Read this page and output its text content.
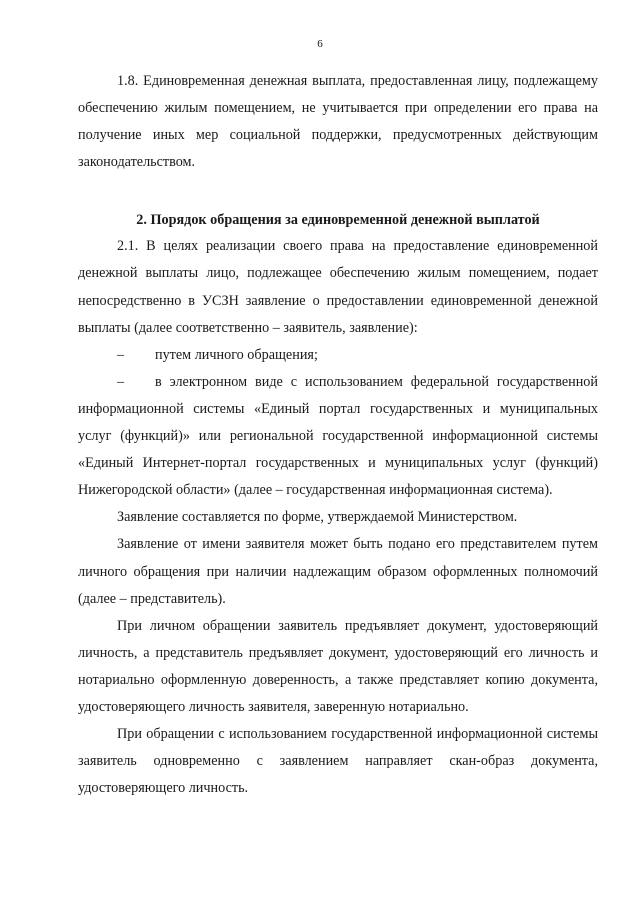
6

1.8. Единовременная денежная выплата, предоставленная лицу, подлежащему обеспечению жилым помещением, не учитывается при определении его права на получение иных мер социальной поддержки, предусмотренных действующим законодательством.

2. Порядок обращения за единовременной денежной выплатой

2.1. В целях реализации своего права на предоставление единовременной денежной выплаты лицо, подлежащее обеспечению жилым помещением, подает непосредственно в УСЗН заявление о предоставлении единовременной денежной выплаты (далее соответственно – заявитель, заявление):

– путем личного обращения;

– в электронном виде с использованием федеральной государственной информационной системы «Единый портал государственных и муниципальных услуг (функций)» или региональной государственной информационной системы «Единый Интернет-портал государственных и муниципальных услуг (функций) Нижегородской области» (далее – государственная информационная система).

Заявление составляется по форме, утверждаемой Министерством.

Заявление от имени заявителя может быть подано его представителем путем личного обращения при наличии надлежащим образом оформленных полномочий (далее – представитель).

При личном обращении заявитель предъявляет документ, удостоверяющий личность, а представитель предъявляет документ, удостоверяющий его личность и нотариально оформленную доверенность, а также представляет копию документа, удостоверяющего личность заявителя, заверенную нотариально.

При обращении с использованием государственной информационной системы заявитель одновременно с заявлением направляет скан-образ документа, удостоверяющего личность.
